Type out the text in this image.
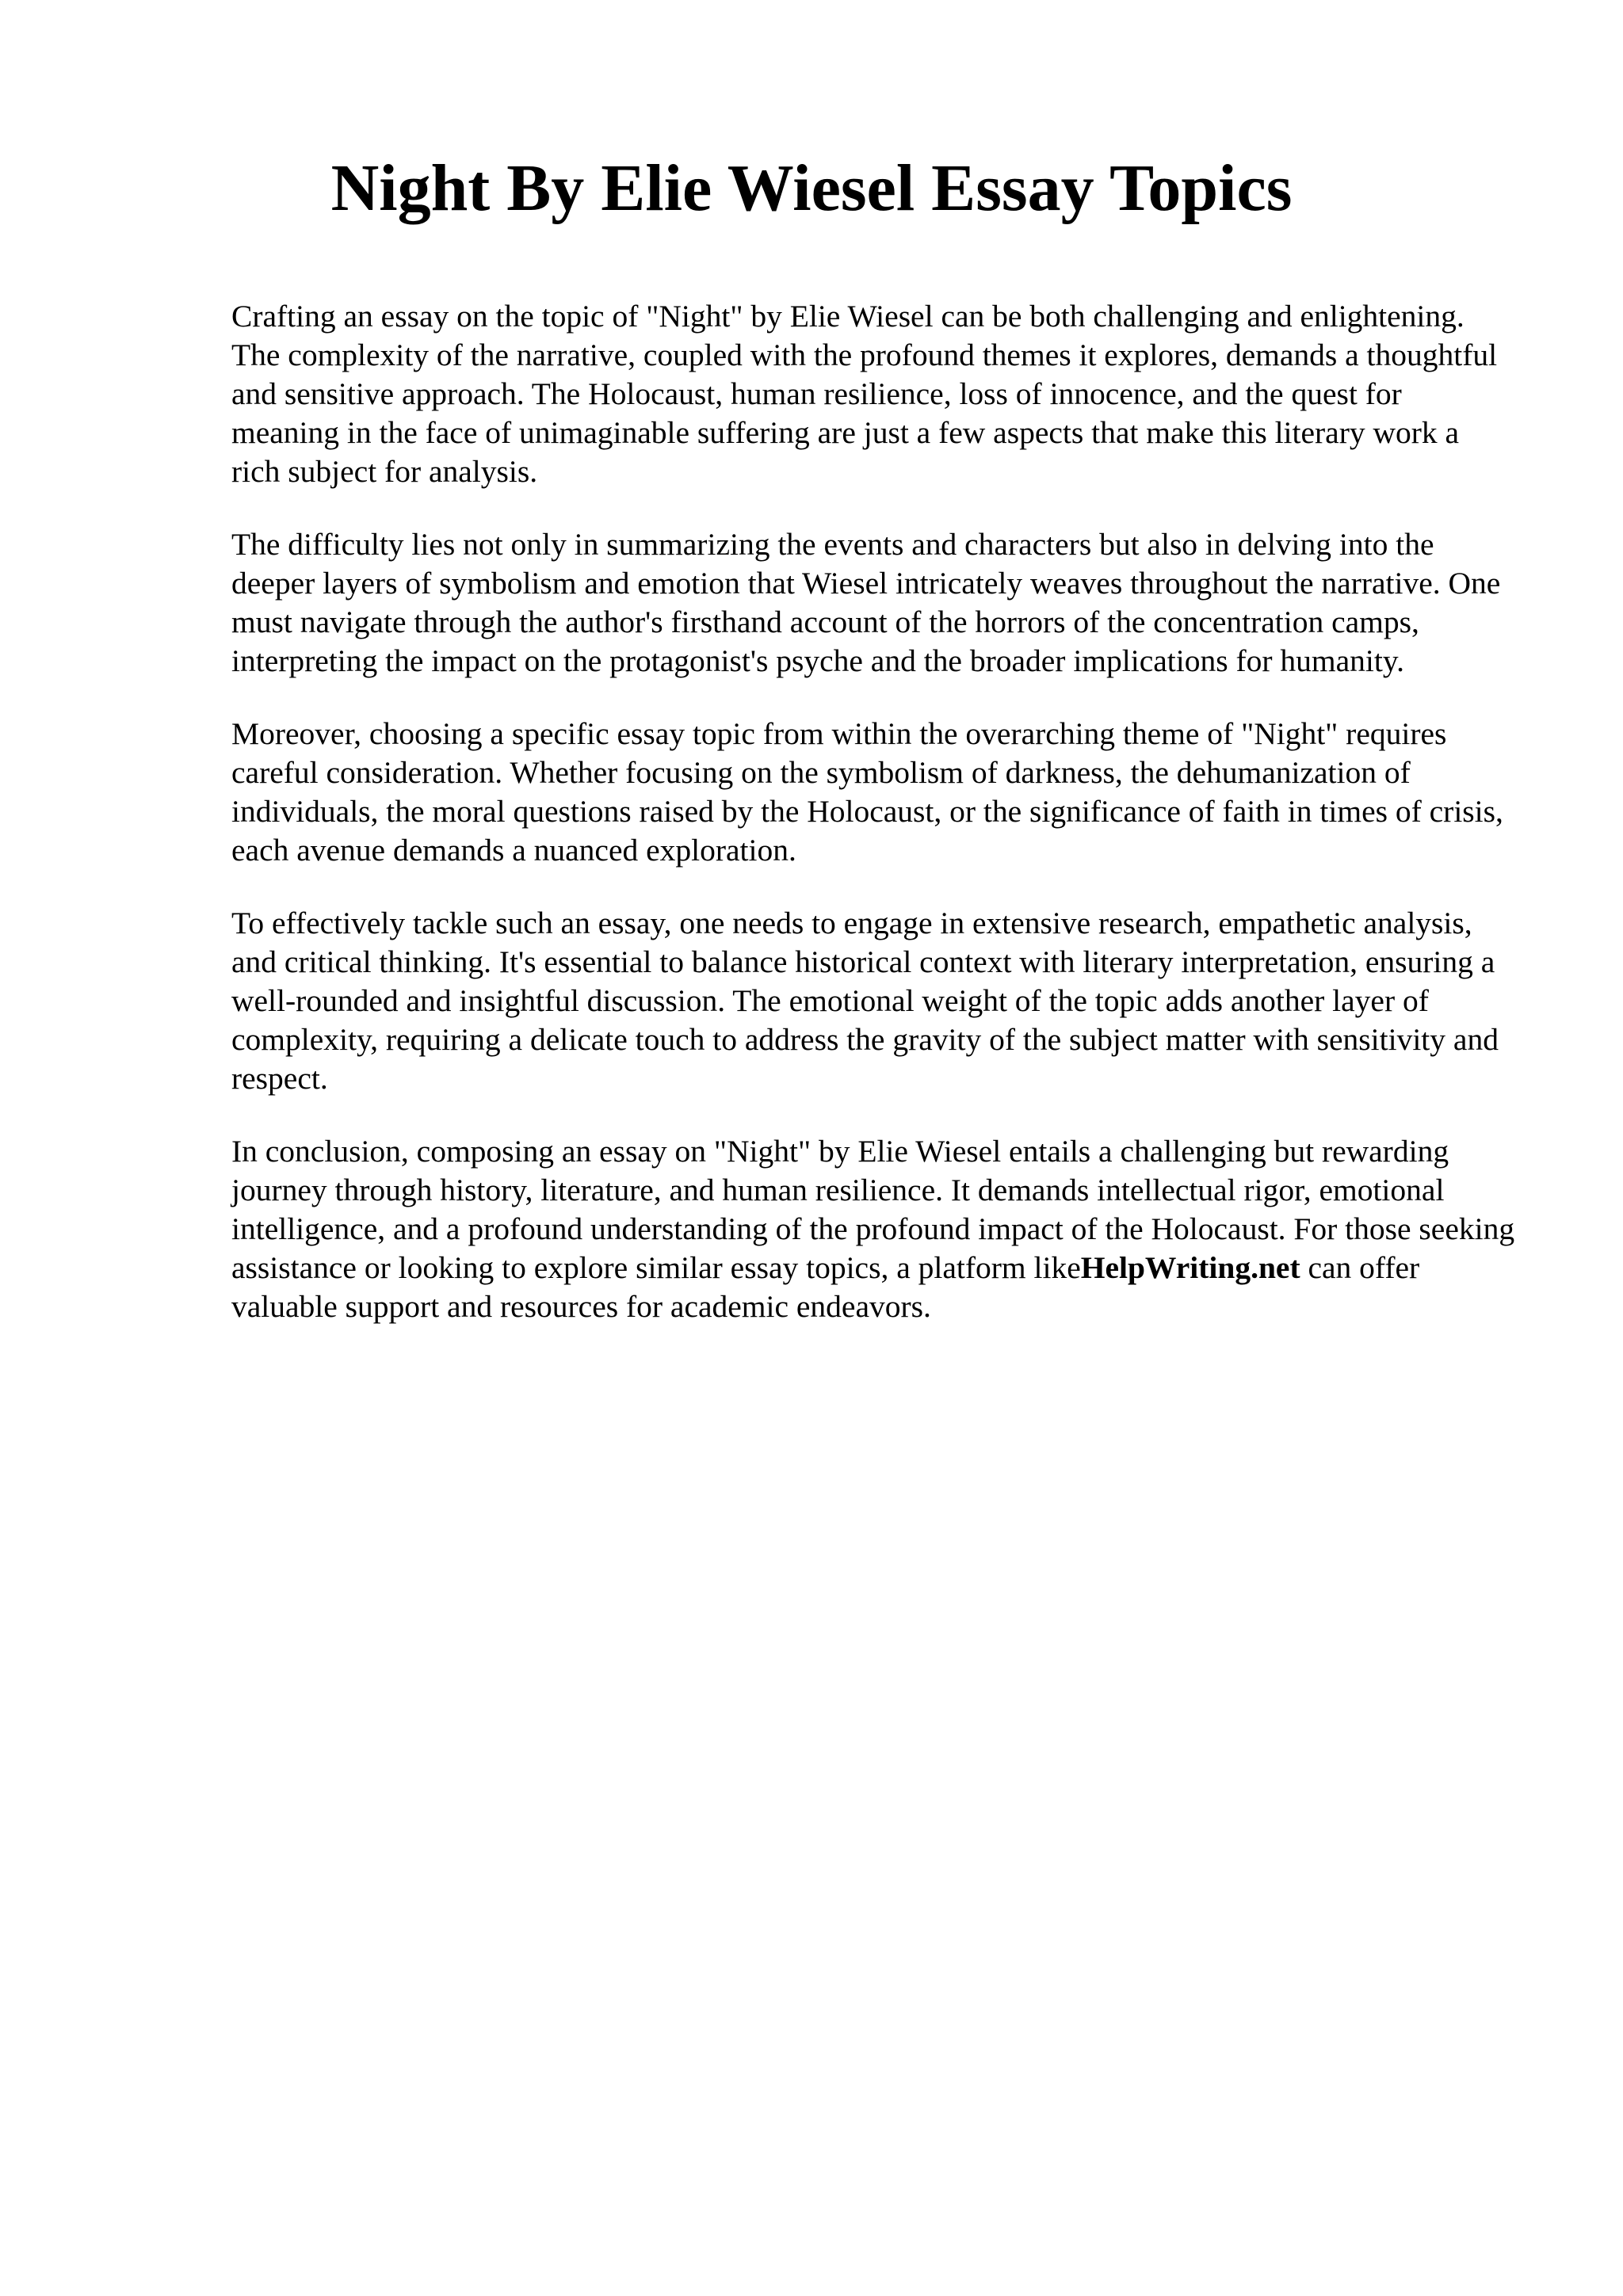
Night By Elie Wiesel Essay Topics

Crafting an essay on the topic of "Night" by Elie Wiesel can be both challenging and enlightening. The complexity of the narrative, coupled with the profound themes it explores, demands a thoughtful and sensitive approach. The Holocaust, human resilience, loss of innocence, and the quest for meaning in the face of unimaginable suffering are just a few aspects that make this literary work a rich subject for analysis.

The difficulty lies not only in summarizing the events and characters but also in delving into the deeper layers of symbolism and emotion that Wiesel intricately weaves throughout the narrative. One must navigate through the author's firsthand account of the horrors of the concentration camps, interpreting the impact on the protagonist's psyche and the broader implications for humanity.

Moreover, choosing a specific essay topic from within the overarching theme of "Night" requires careful consideration. Whether focusing on the symbolism of darkness, the dehumanization of individuals, the moral questions raised by the Holocaust, or the significance of faith in times of crisis, each avenue demands a nuanced exploration.

To effectively tackle such an essay, one needs to engage in extensive research, empathetic analysis, and critical thinking. It's essential to balance historical context with literary interpretation, ensuring a well-rounded and insightful discussion. The emotional weight of the topic adds another layer of complexity, requiring a delicate touch to address the gravity of the subject matter with sensitivity and respect.

In conclusion, composing an essay on "Night" by Elie Wiesel entails a challenging but rewarding journey through history, literature, and human resilience. It demands intellectual rigor, emotional intelligence, and a profound understanding of the profound impact of the Holocaust. For those seeking assistance or looking to explore similar essay topics, a platform likeHelpWriting.net can offer valuable support and resources for academic endeavors.
